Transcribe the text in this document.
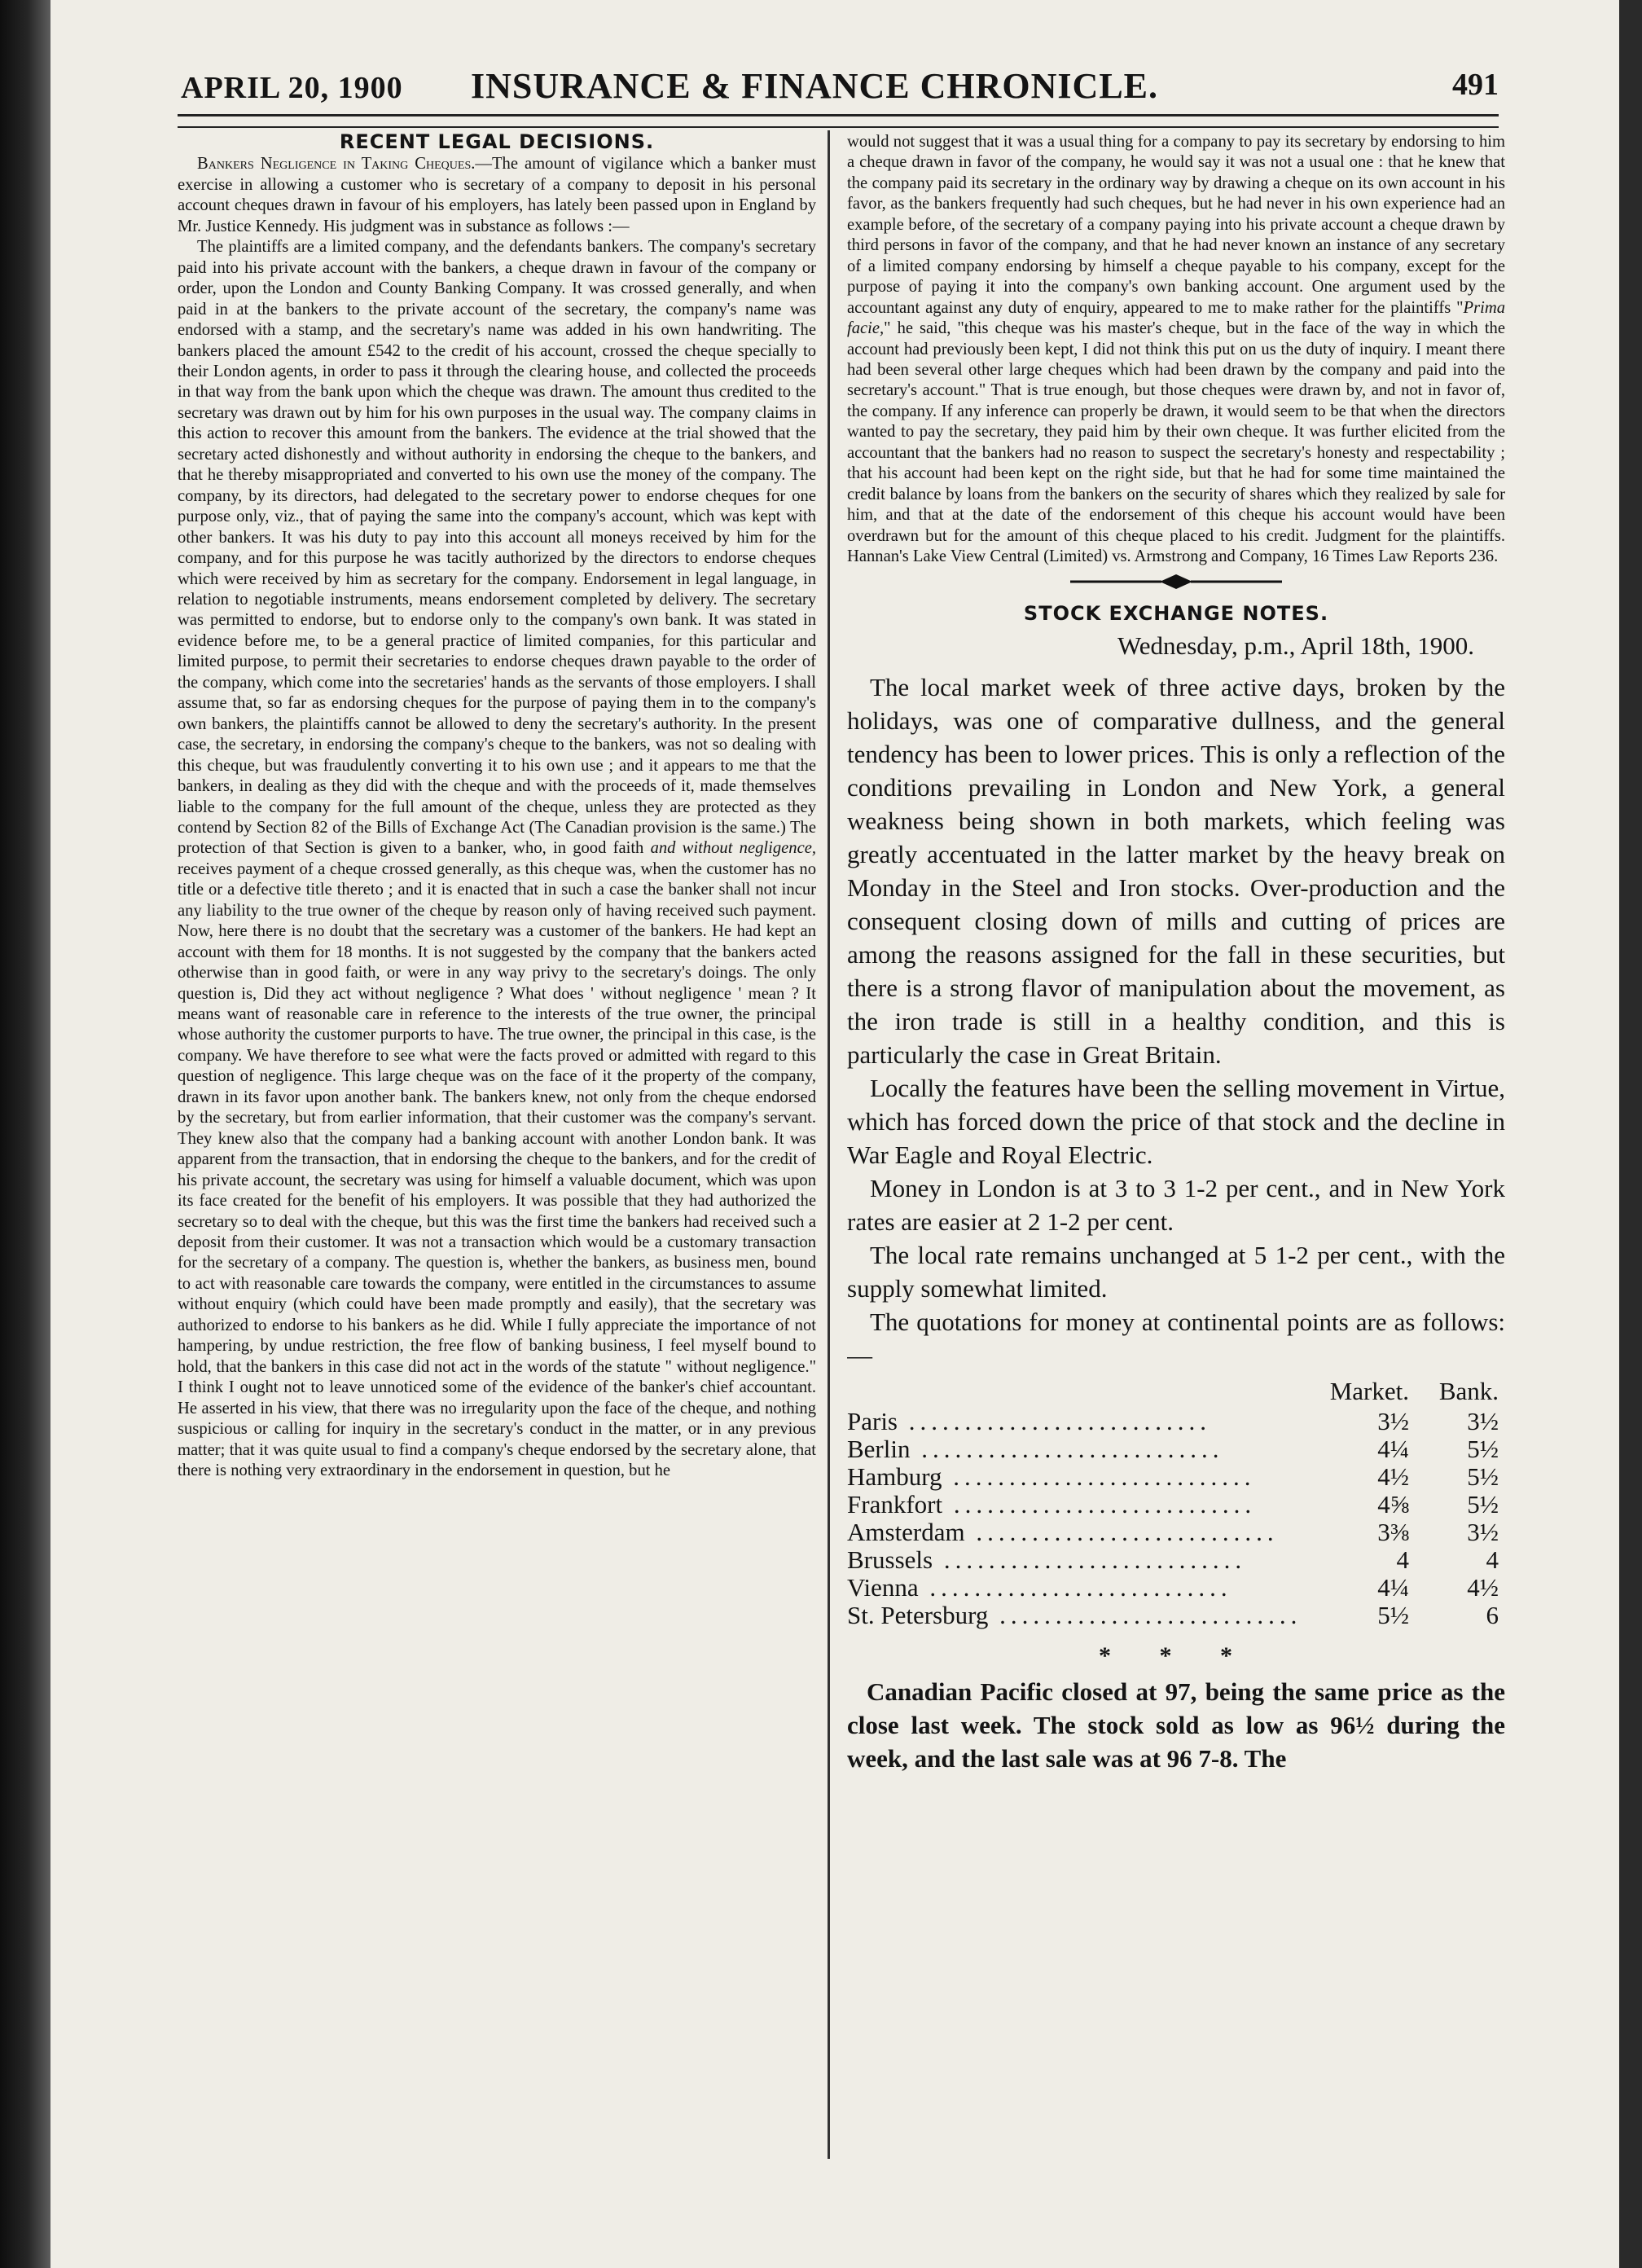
APRIL 20, 1900	INSURANCE & FINANCE CHRONICLE.	491
RECENT LEGAL DECISIONS.

Bankers Negligence in Taking Cheques.—The amount of vigilance which a banker must exercise in allowing a customer who is secretary of a company to deposit in his personal account cheques drawn in favour of his employers, has lately been passed upon in England by Mr. Justice Kennedy. His judgment was in substance as follows :—

The plaintiffs are a limited company, and the defendants bankers. The company's secretary paid into his private account with the bankers, a cheque drawn in favour of the company or order, upon the London and County Banking Company. It was crossed generally, and when paid in at the bankers to the private account of the secretary, the company's name was endorsed with a stamp, and the secretary's name was added in his own handwriting. The bankers placed the amount £542 to the credit of his account, crossed the cheque specially to their London agents, in order to pass it through the clearing house, and collected the proceeds in that way from the bank upon which the cheque was drawn. The amount thus credited to the secretary was drawn out by him for his own purposes in the usual way. The company claims in this action to recover this amount from the bankers. The evidence at the trial showed that the secretary acted dishonestly and without authority in endorsing the cheque to the bankers, and that he thereby misappropriated and converted to his own use the money of the company. The company, by its directors, had delegated to the secretary power to endorse cheques for one purpose only, viz., that of paying the same into the company's account, which was kept with other bankers. It was his duty to pay into this account all moneys received by him for the company, and for this purpose he was tacitly authorized by the directors to endorse cheques which were received by him as secretary for the company. Endorsement in legal language, in relation to negotiable instruments, means endorsement completed by delivery. The secretary was permitted to endorse, but to endorse only to the company's own bank. It was stated in evidence before me, to be a general practice of limited companies, for this particular and limited purpose, to permit their secretaries to endorse cheques drawn payable to the order of the company, which come into the secretaries' hands as the servants of those employers. I shall assume that, so far as endorsing cheques for the purpose of paying them in to the company's own bankers, the plaintiffs cannot be allowed to deny the secretary's authority. In the present case, the secretary, in endorsing the company's cheque to the bankers, was not so dealing with this cheque, but was fraudulently converting it to his own use ; and it appears to me that the bankers, in dealing as they did with the cheque and with the proceeds of it, made themselves liable to the company for the full amount of the cheque, unless they are protected as they contend by Section 82 of the Bills of Exchange Act (The Canadian provision is the same.) The protection of that Section is given to a banker, who, in good faith and without negligence, receives payment of a cheque crossed generally, as this cheque was, when the customer has no title or a defective title thereto ; and it is enacted that in such a case the banker shall not incur any liability to the true owner of the cheque by reason only of having received such payment. Now, here there is no doubt that the secretary was a customer of the bankers. He had kept an account with them for 18 months. It is not suggested by the company that the bankers acted otherwise than in good faith, or were in any way privy to the secretary's doings. The only question is, Did they act without negligence ? What does ' without negligence ' mean ? It means want of reasonable care in reference to the interests of the true owner, the principal whose authority the customer purports to have. The true owner, the principal in this case, is the company. We have therefore to see what were the facts proved or admitted with regard to this question of negligence. This large cheque was on the face of it the property of the company, drawn in its favor upon another bank. The bankers knew, not only from the cheque endorsed by the secretary, but from earlier information, that their customer was the company's servant. They knew also that the company had a banking account with another London bank. It was apparent from the transaction, that in endorsing the cheque to the bankers, and for the credit of his private account, the secretary was using for himself a valuable document, which was upon its face created for the benefit of his employers. It was possible that they had authorized the secretary so to deal with the cheque, but this was the first time the bankers had received such a deposit from their customer. It was not a transaction which would be a customary transaction for the secretary of a company. The question is, whether the bankers, as business men, bound to act with reasonable care towards the company, were entitled in the circumstances to assume without enquiry (which could have been made promptly and easily), that the secretary was authorized to endorse to his bankers as he did. While I fully appreciate the importance of not hampering, by undue restriction, the free flow of banking business, I feel myself bound to hold, that the bankers in this case did not act in the words of the statute " without negligence." I think I ought not to leave unnoticed some of the evidence of the banker's chief accountant. He asserted in his view, that there was no irregularity upon the face of the cheque, and nothing suspicious or calling for inquiry in the secretary's conduct in the matter, or in any previous matter; that it was quite usual to find a company's cheque endorsed by the secretary alone, that there is nothing very extraordinary in the endorsement in question, but he

would not suggest that it was a usual thing for a company to pay its secretary by endorsing to him a cheque drawn in favor of the company, he would say it was not a usual one : that he knew that the company paid its secretary in the ordinary way by drawing a cheque on its own account in his favor, as the bankers frequently had such cheques, but he had never in his own experience had an example before, of the secretary of a company paying into his private account a cheque drawn by third persons in favor of the company, and that he had never known an instance of any secretary of a limited company endorsing by himself a cheque payable to his company, except for the purpose of paying it into the company's own banking account. One argument used by the accountant against any duty of enquiry, appeared to me to make rather for the plaintiffs "Prima facie," he said, "this cheque was his master's cheque, but in the face of the way in which the account had previously been kept, I did not think this put on us the duty of inquiry. I meant there had been several other large cheques which had been drawn by the company and paid into the secretary's account." That is true enough, but those cheques were drawn by, and not in favor of, the company. If any inference can properly be drawn, it would seem to be that when the directors wanted to pay the secretary, they paid him by their own cheque. It was further elicited from the accountant that the bankers had no reason to suspect the secretary's honesty and respectability ; that his account had been kept on the right side, but that he had for some time maintained the credit balance by loans from the bankers on the security of shares which they realized by sale for him, and that at the date of the endorsement of this cheque his account would have been overdrawn but for the amount of this cheque placed to his credit. Judgment for the plaintiffs. Hannan's Lake View Central (Limited) vs. Armstrong and Company, 16 Times Law Reports 236.

STOCK EXCHANGE NOTES.
Wednesday, p.m., April 18th, 1900.

The local market week of three active days, broken by the holidays, was one of comparative dullness, and the general tendency has been to lower prices. This is only a reflection of the conditions prevailing in London and New York, a general weakness being shown in both markets, which feeling was greatly accentuated in the latter market by the heavy break on Monday in the Steel and Iron stocks. Over-production and the consequent closing down of mills and cutting of prices are among the reasons assigned for the fall in these securities, but there is a strong flavor of manipulation about the movement, as the iron trade is still in a healthy condition, and this is particularly the case in Great Britain.

Locally the features have been the selling movement in Virtue, which has forced down the price of that stock and the decline in War Eagle and Royal Electric.

Money in London is at 3 to 3 1-2 per cent., and in New York rates are easier at 2 1-2 per cent.

The local rate remains unchanged at 5 1-2 per cent., with the supply somewhat limited.

The quotations for money at continental points are as follows:—

	Market.	Bank.
Paris ...........................	3½	3½
Berlin ...........................	4¼	5½
Hamburg ...........................	4½	5½
Frankfort ...........................	4⅝	5½
Amsterdam ...........................	3⅜	3½
Brussels ...........................	4	4
Vienna ...........................	4¼	4½
St. Petersburg ...........................	5½	6
* * *

Canadian Pacific closed at 97, being the same price as the close last week. The stock sold as low as 96½ during the week, and the last sale was at 96 7-8. The
